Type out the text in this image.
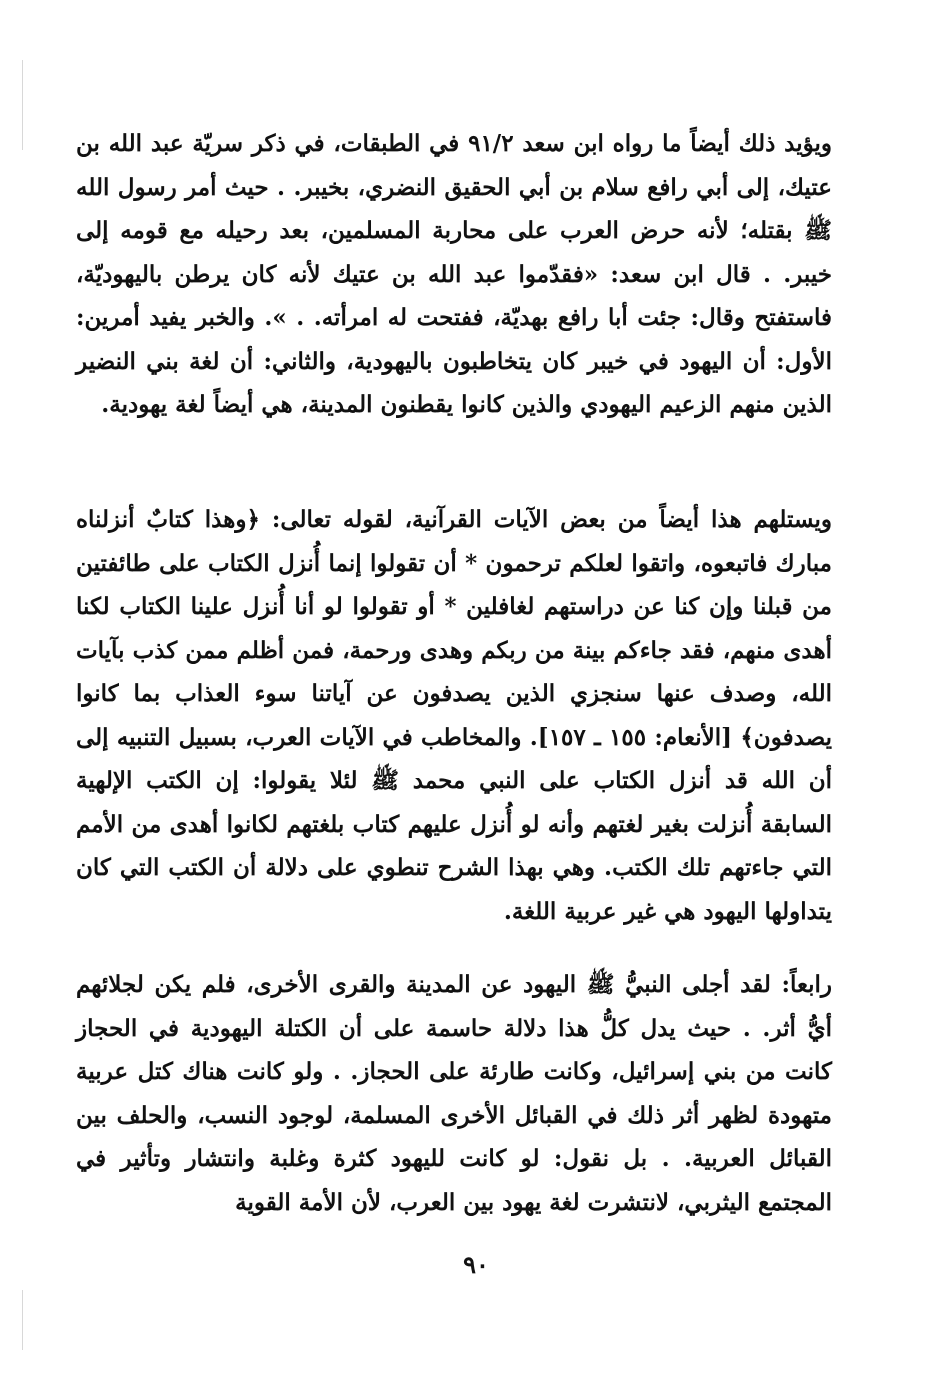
ويؤيد ذلك أيضاً ما رواه ابن سعد ٩١/٢ في الطبقات، في ذكر سريّة عبد الله بن عتيك، إلى أبي رافع سلام بن أبي الحقيق النضري، بخيبر. . حيث أمر رسول الله ﷺ بقتله؛ لأنه حرض العرب على محاربة المسلمين، بعد رحيله مع قومه إلى خيبر. . قال ابن سعد: «فقدّموا عبد الله بن عتيك لأنه كان يرطن باليهوديّة، فاستفتح وقال: جئت أبا رافع بهديّة، ففتحت له امرأته. . ». والخبر يفيد أمرين: الأول: أن اليهود في خيبر كان يتخاطبون باليهودية، والثاني: أن لغة بني النضير الذين منهم الزعيم اليهودي والذين كانوا يقطنون المدينة، هي أيضاً لغة يهودية.

ويستلهم هذا أيضاً من بعض الآيات القرآنية، لقوله تعالى: ﴿وهذا كتابٌ أنزلناه مبارك فاتبعوه، واتقوا لعلكم ترحمون * أن تقولوا إنما أُنزل الكتاب على طائفتين من قبلنا وإن كنا عن دراستهم لغافلين * أو تقولوا لو أنا أُنزل علينا الكتاب لكنا أهدى منهم، فقد جاءكم بينة من ربكم وهدى ورحمة، فمن أظلم ممن كذب بآيات الله، وصدف عنها سنجزي الذين يصدفون عن آياتنا سوء العذاب بما كانوا يصدفون﴾ [الأنعام: ١٥٥ ـ ١٥٧]. والمخاطب في الآيات العرب، بسبيل التنبيه إلى أن الله قد أنزل الكتاب على النبي محمد ﷺ لئلا يقولوا: إن الكتب الإلهية السابقة أُنزلت بغير لغتهم وأنه لو أُنزل عليهم كتاب بلغتهم لكانوا أهدى من الأمم التي جاءتهم تلك الكتب. وهي بهذا الشرح تنطوي على دلالة أن الكتب التي كان يتداولها اليهود هي غير عربية اللغة.

رابعاً: لقد أجلى النبيُّ ﷺ اليهود عن المدينة والقرى الأخرى، فلم يكن لجلائهم أيُّ أثر. . حيث يدل كلُّ هذا دلالة حاسمة على أن الكتلة اليهودية في الحجاز كانت من بني إسرائيل، وكانت طارئة على الحجاز. . ولو كانت هناك كتل عربية متهودة لظهر أثر ذلك في القبائل الأخرى المسلمة، لوجود النسب، والحلف بين القبائل العربية. . بل نقول: لو كانت لليهود كثرة وغلبة وانتشار وتأثير في المجتمع اليثربي، لانتشرت لغة يهود بين العرب، لأن الأمة القوية

٩٠
